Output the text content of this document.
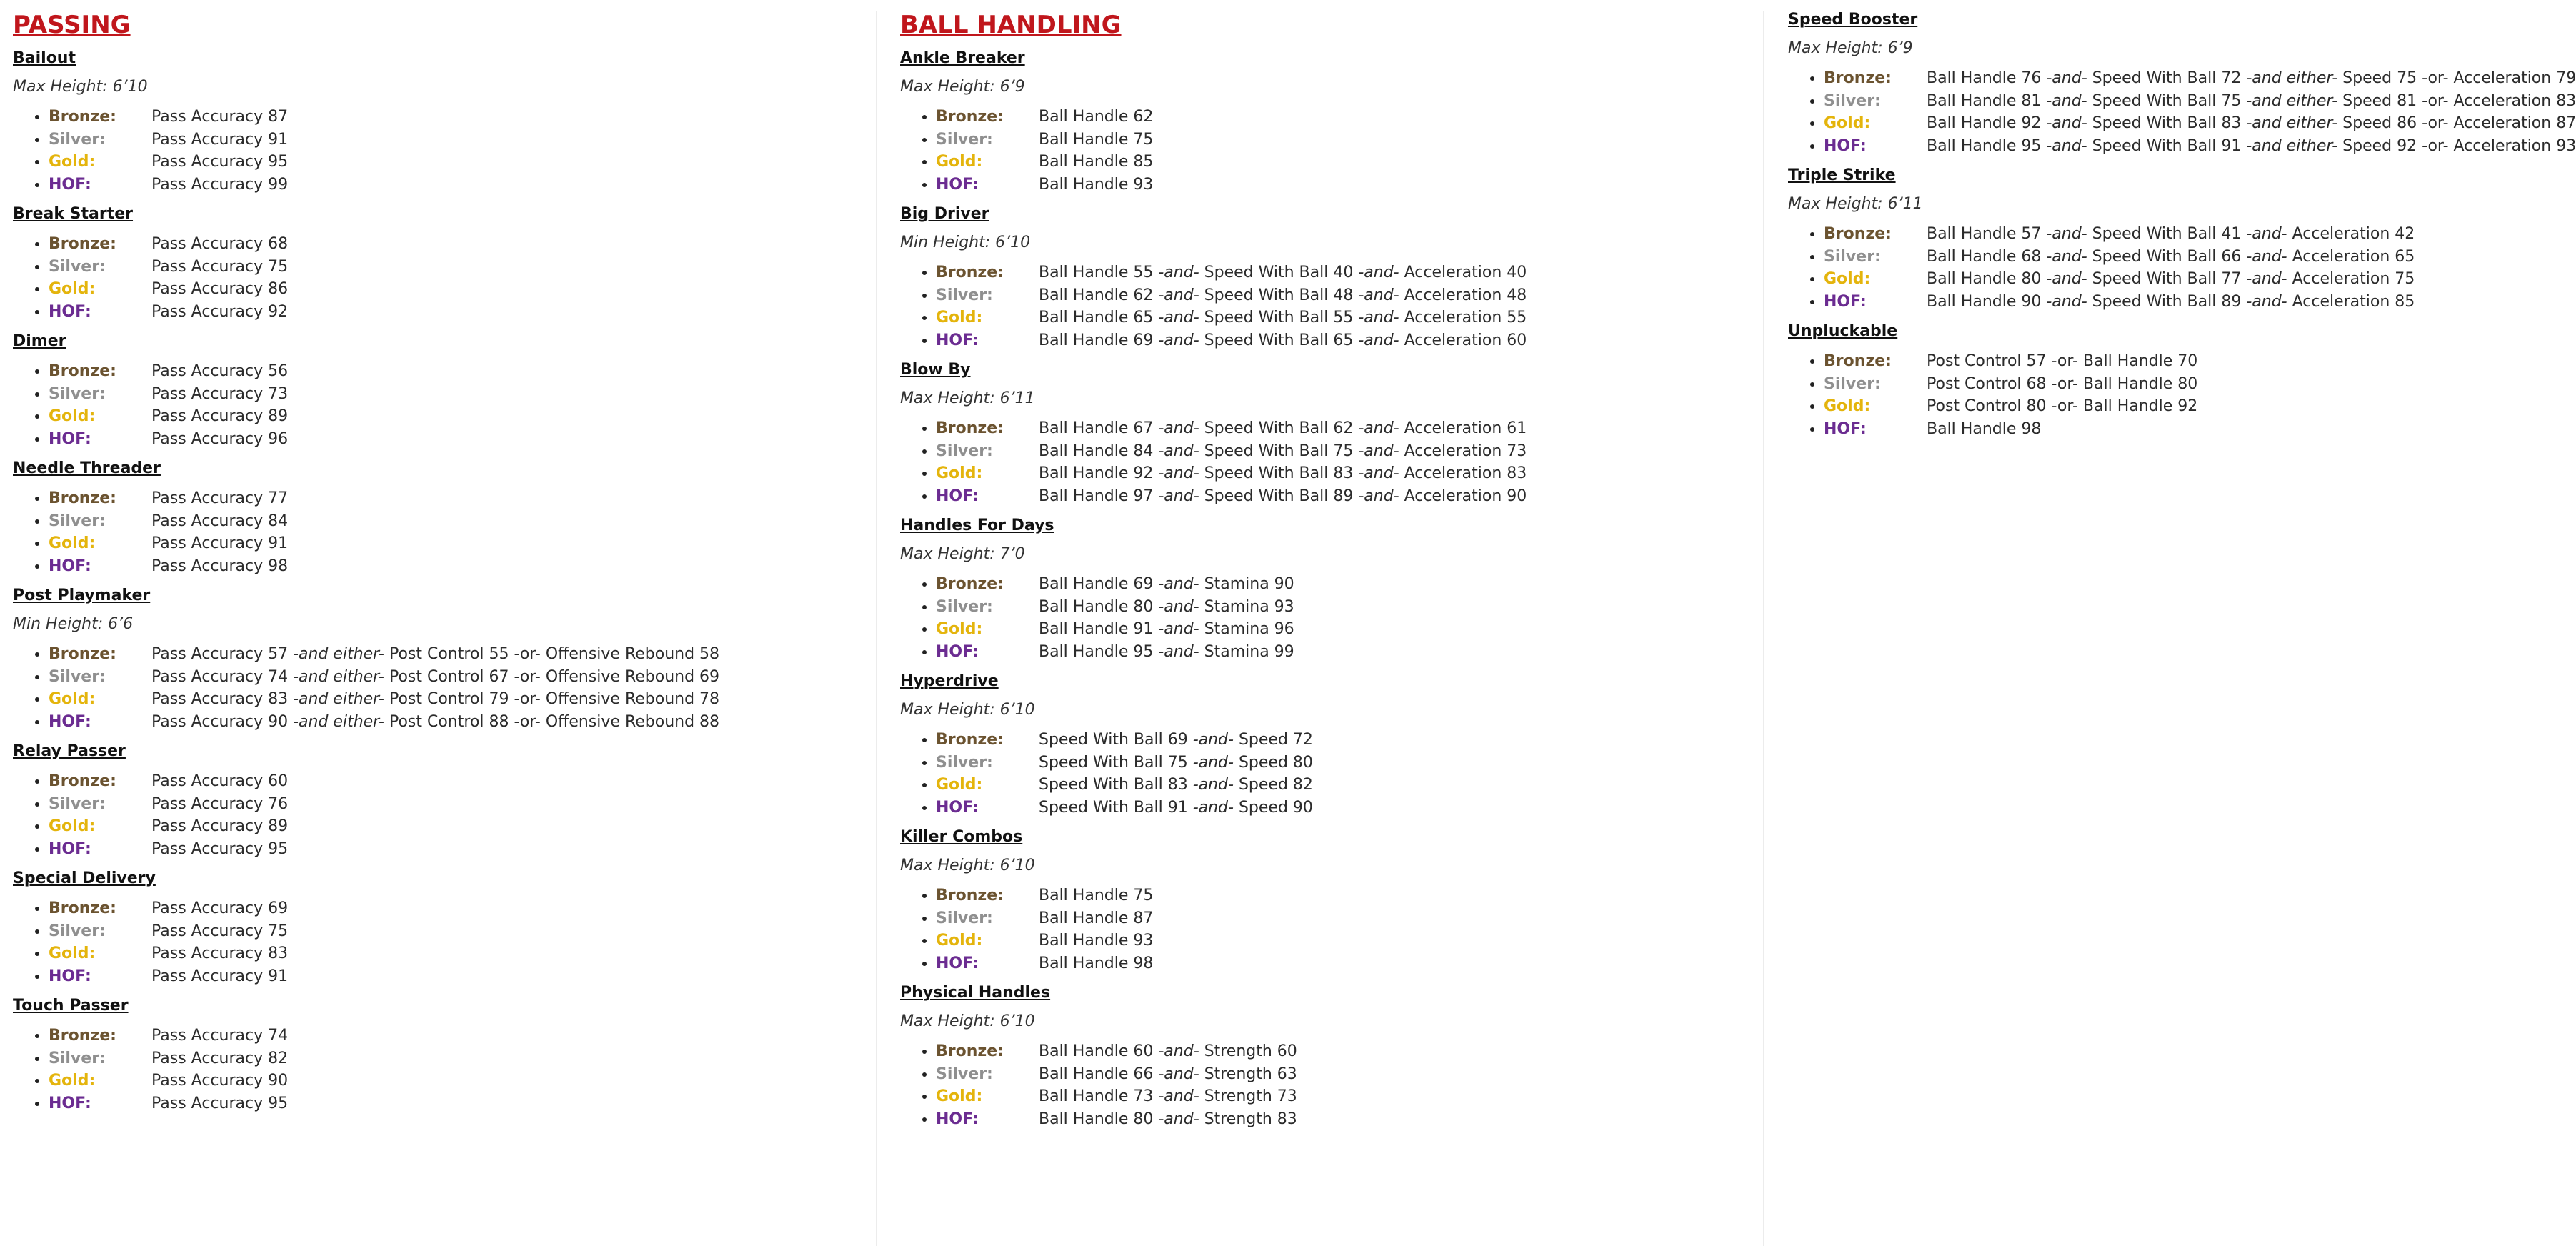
PASSING
Bailout
Max Height: 6’10
• Bronze: Pass Accuracy 87
• Silver:	Pass Accuracy 91
• Gold:	Pass Accuracy 95
• HOF:	Pass Accuracy 99
Break Starter
• Bronze: Pass Accuracy 68
• Silver:	Pass Accuracy 75
• Gold:	Pass Accuracy 86
• HOF:	Pass Accuracy 92
Dimer
• Bronze: Pass Accuracy 56
• Silver:	Pass Accuracy 73
• Gold:	Pass Accuracy 89
• HOF:	Pass Accuracy 96
Needle Threader
• Bronze: Pass Accuracy 77
• Silver:	Pass Accuracy 84
• Gold:	Pass Accuracy 91
• HOF:	Pass Accuracy 98
Post Playmaker
Min Height: 6’6
• Bronze: Pass Accuracy 57 -and either- Post Control 55 -or- Offensive Rebound 58
• Silver:	Pass Accuracy 74 -and either- Post Control 67 -or- Offensive Rebound 69
• Gold:	Pass Accuracy 83 -and either- Post Control 79 -or- Offensive Rebound 78
• HOF:	Pass Accuracy 90 -and either- Post Control 88 -or- Offensive Rebound 88
Relay Passer
• Bronze: Pass Accuracy 60
• Silver:	Pass Accuracy 76
• Gold:	Pass Accuracy 89
• HOF:	Pass Accuracy 95
Special Delivery
• Bronze: Pass Accuracy 69
• Silver:	Pass Accuracy 75
• Gold:	Pass Accuracy 83
• HOF:	Pass Accuracy 91
Touch Passer
• Bronze: Pass Accuracy 74
• Silver:	Pass Accuracy 82
• Gold:	Pass Accuracy 90
• HOF:	Pass Accuracy 95
BALL HANDLING
Ankle Breaker
Max Height: 6’9
• Bronze: Ball Handle 62
• Silver:	Ball Handle 75
• Gold:	Ball Handle 85
• HOF:	Ball Handle 93
Big Driver
Min Height: 6’10
• Bronze: Ball Handle 55 -and- Speed With Ball 40 -and- Acceleration 40
• Silver:	Ball Handle 62 -and- Speed With Ball 48 -and- Acceleration 48
• Gold:	Ball Handle 65 -and- Speed With Ball 55 -and- Acceleration 55
• HOF:	Ball Handle 69 -and- Speed With Ball 65 -and- Acceleration 60
Blow By
Max Height: 6’11
• Bronze: Ball Handle 67 -and- Speed With Ball 62 -and- Acceleration 61
• Silver:	Ball Handle 84 -and- Speed With Ball 75 -and- Acceleration 73
• Gold:	Ball Handle 92 -and- Speed With Ball 83 -and- Acceleration 83
• HOF:	Ball Handle 97 -and- Speed With Ball 89 -and- Acceleration 90
Handles For Days
Max Height: 7’0
• Bronze: Ball Handle 69 -and- Stamina 90
• Silver:	Ball Handle 80 -and- Stamina 93
• Gold:	Ball Handle 91 -and- Stamina 96
• HOF:	Ball Handle 95 -and- Stamina 99
Hyperdrive
Max Height: 6’10
• Bronze: Speed With Ball 69 -and- Speed 72
• Silver:	Speed With Ball 75 -and- Speed 80
• Gold:	Speed With Ball 83 -and- Speed 82
• HOF:	Speed With Ball 91 -and- Speed 90
Killer Combos
Max Height: 6’10
• Bronze: Ball Handle 75
• Silver:	Ball Handle 87
• Gold:	Ball Handle 93
• HOF:	Ball Handle 98
Physical Handles
Max Height: 6’10
• Bronze: Ball Handle 60 -and- Strength 60
• Silver:	Ball Handle 66 -and- Strength 63
• Gold:	Ball Handle 73 -and- Strength 73
• HOF:	Ball Handle 80 -and- Strength 83
Speed Booster
Max Height: 6’9
• Bronze: Ball Handle 76 -and- Speed With Ball 72 -and either- Speed 75 -or- Acceleration 79
• Silver:	Ball Handle 81 -and- Speed With Ball 75 -and either- Speed 81 -or- Acceleration 83
• Gold:	Ball Handle 92 -and- Speed With Ball 83 -and either- Speed 86 -or- Acceleration 87
• HOF:	Ball Handle 95 -and- Speed With Ball 91 -and either- Speed 92 -or- Acceleration 93
Triple Strike
Max Height: 6’11
• Bronze: Ball Handle 57 -and- Speed With Ball 41 -and- Acceleration 42
• Silver:	Ball Handle 68 -and- Speed With Ball 66 -and- Acceleration 65
• Gold:	Ball Handle 80 -and- Speed With Ball 77 -and- Acceleration 75
• HOF:	Ball Handle 90 -and- Speed With Ball 89 -and- Acceleration 85
Unpluckable
• Bronze: Post Control 57 -or- Ball Handle 70
• Silver:	Post Control 68 -or- Ball Handle 80
• Gold:	Post Control 80 -or- Ball Handle 92
• HOF:	Ball Handle 98
